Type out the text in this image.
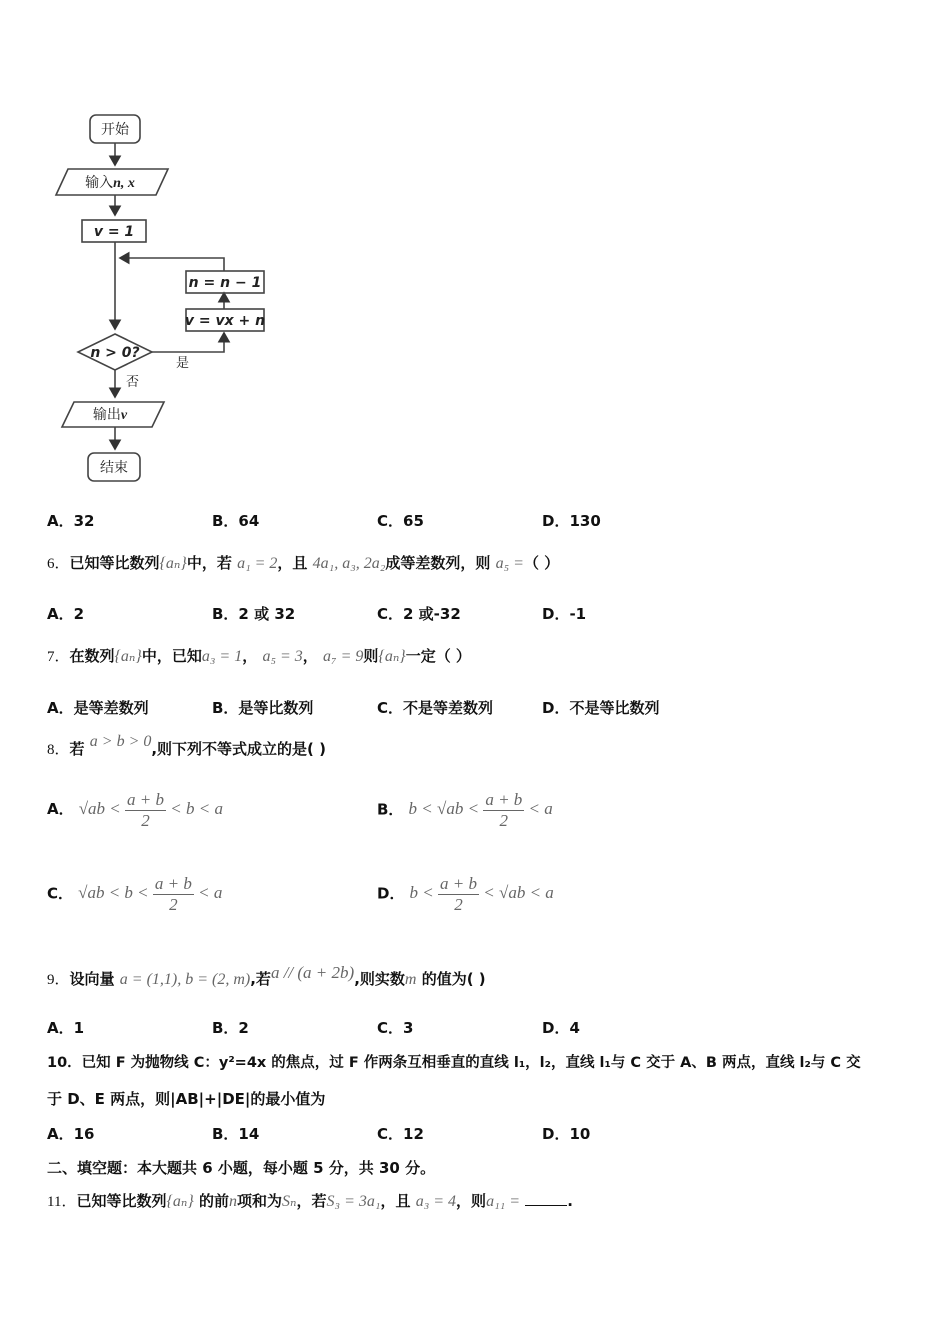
开始
输入n, x
v = 1
n = n − 1
v = vx + n
n > 0?
是
否
输出v
结束
A．32	B．64	C．65	D．130
6．已知等比数列{aₙ}中，若 a₁ = 2，且 4a₁, a₃, 2a₂成等差数列，则 a₅ =（ ）
A．2	B．2 或 32	C．2 或-32	D．-1
7．在数列{aₙ}中，已知a₃ = 1， a₅ = 3， a₇ = 9则{aₙ}一定（ ）
A．是等差数列	B．是等比数列	C．不是等差数列	D．不是等比数列
8．若 a > b > 0,则下列不等式成立的是( )
A． $√ab < \frac{a + b}{2} < b < a$	B． $b < √ab < \frac{a + b}{2} < a$
C． $√ab < b < \frac{a + b}{2} < a$	D． $b < \frac{a + b}{2} < √ab < a$
9．设向量 a = (1,1), b = (2, m),若a // (a + 2b),则实数m 的值为( )
A．1	B．2	C．3	D．4
10．已知 F 为抛物线 C：y²=4x 的焦点，过 F 作两条互相垂直的直线 l₁，l₂，直线 l₁与 C 交于 A、B 两点，直线 l₂与 C 交
于 D、E 两点，则|AB|+|DE|的最小值为
A．16	B．14	C．12	D．10
二、填空题：本大题共 6 小题，每小题 5 分，共 30 分。
11．已知等比数列{aₙ} 的前n项和为Sₙ，若S₃ = 3a₁，且 a₃ = 4，则a₁₁ =	.
